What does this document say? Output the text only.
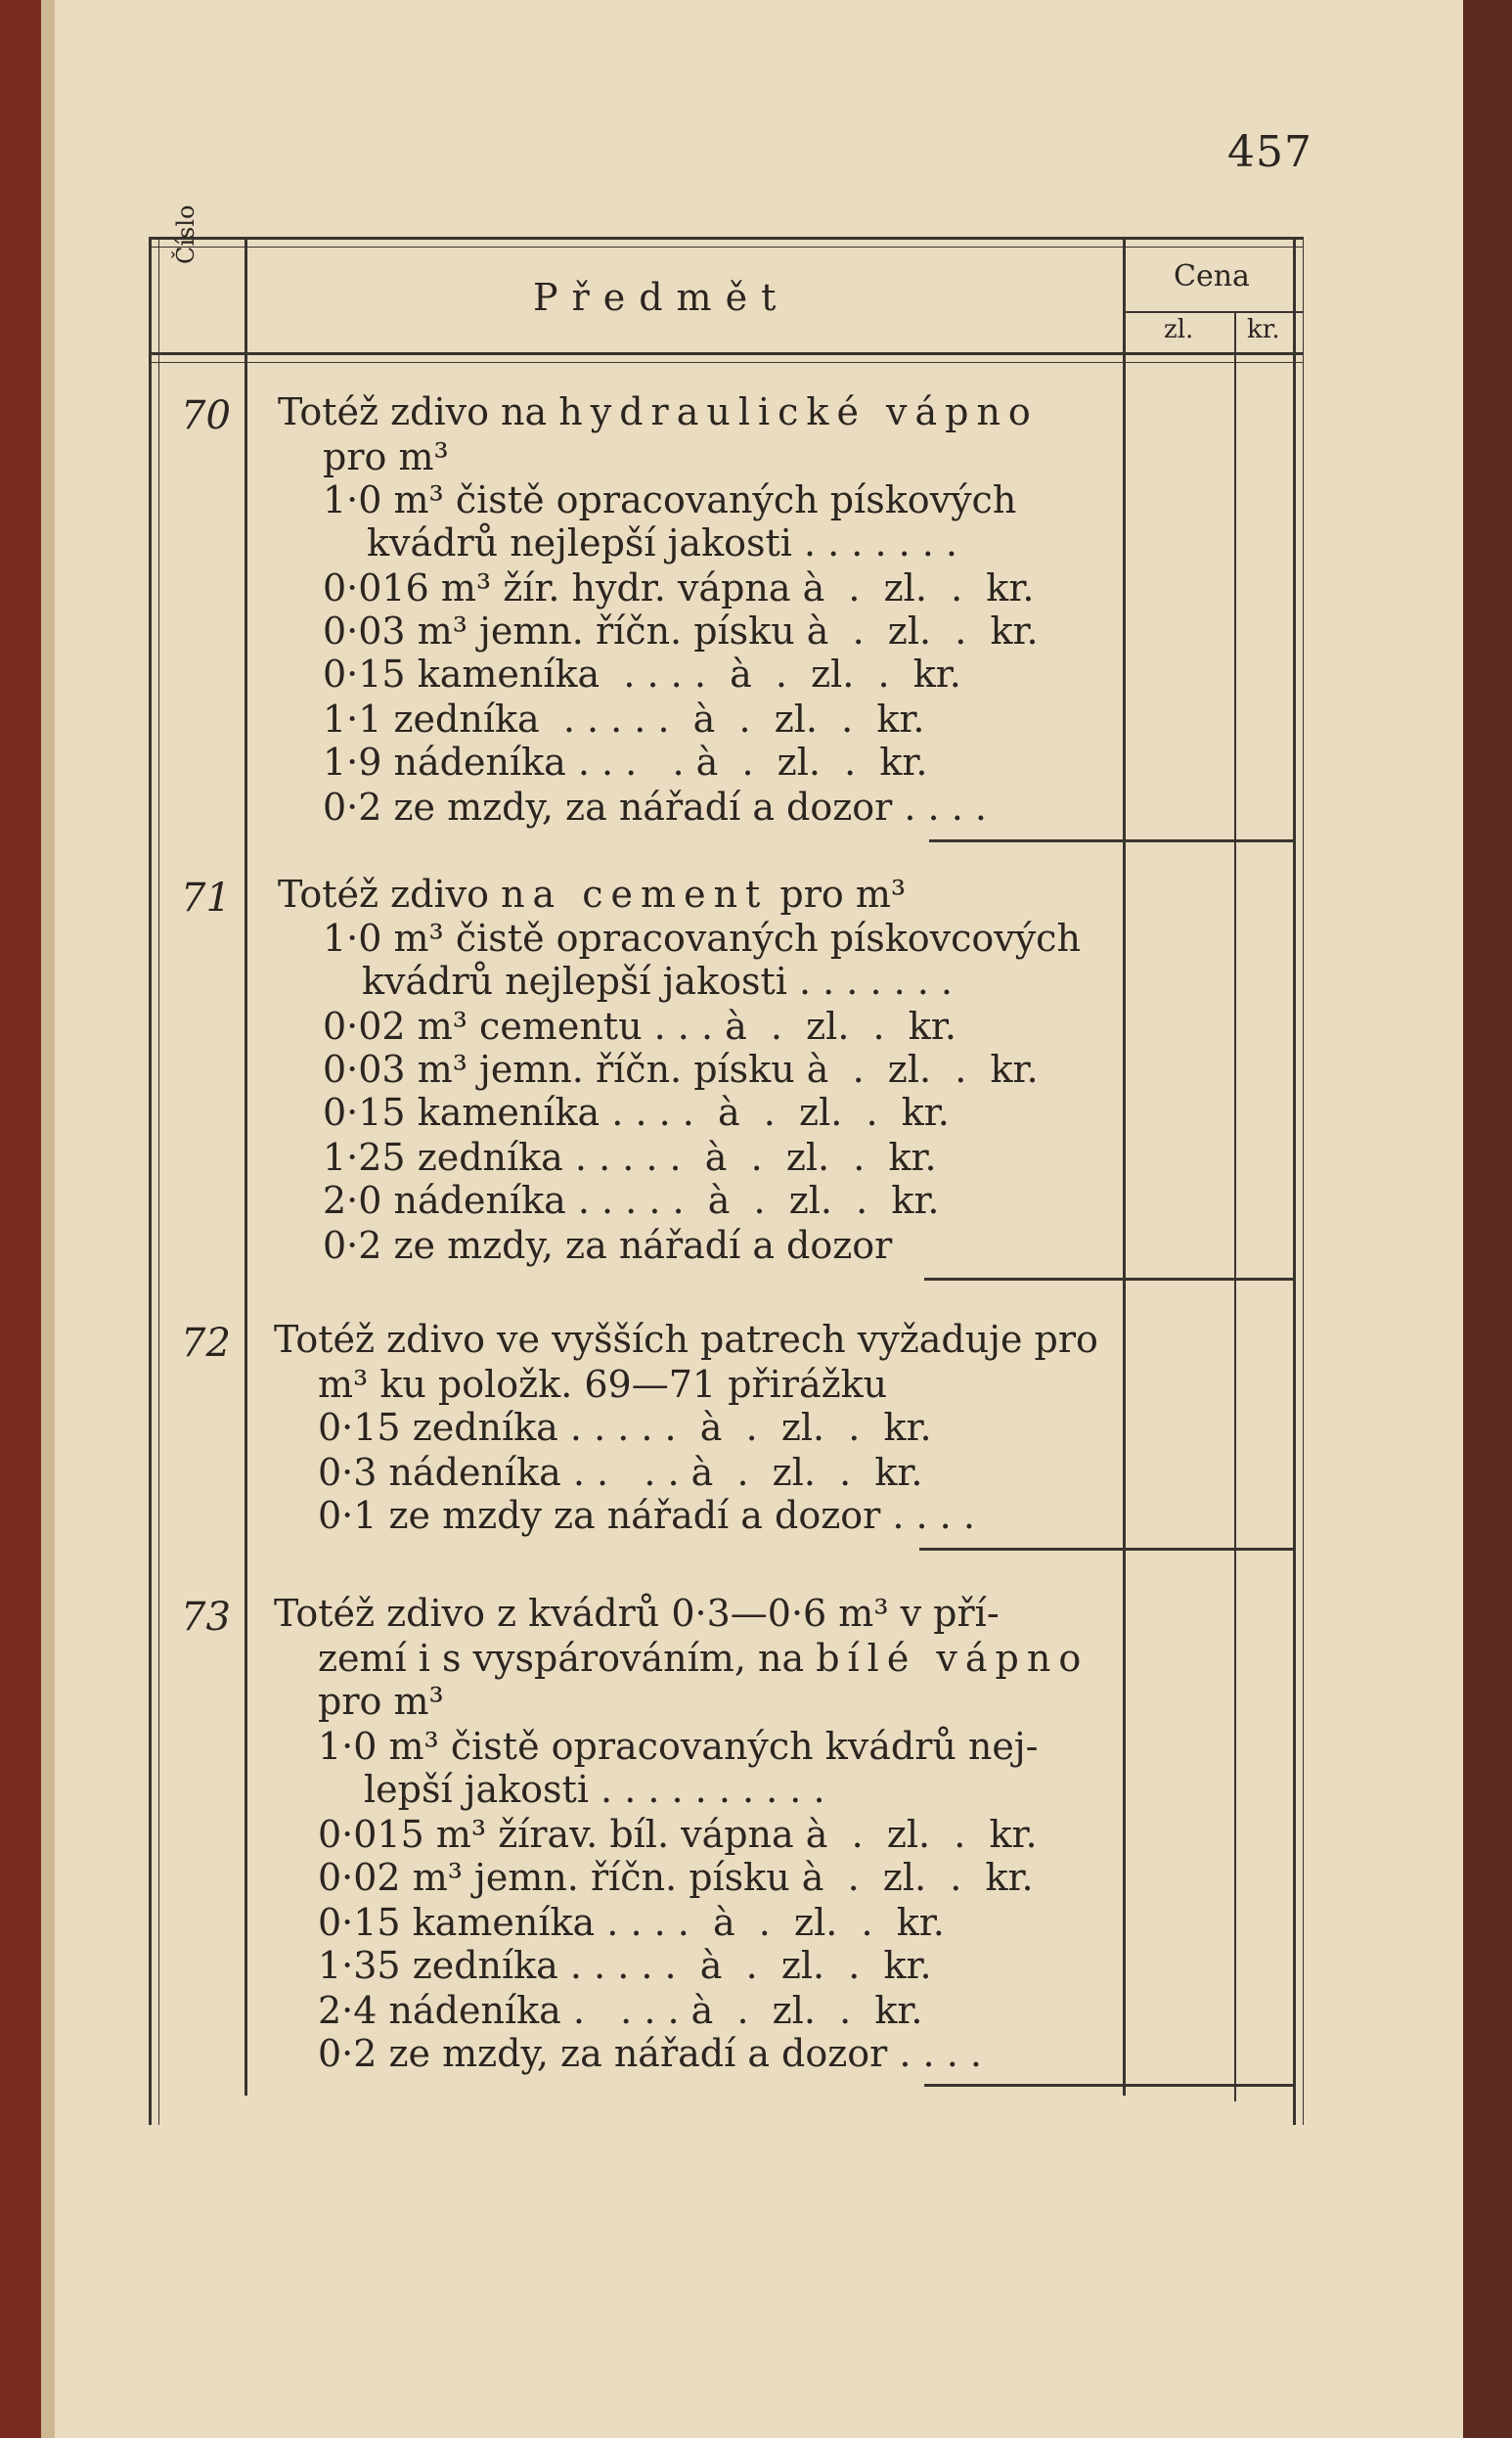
457
Číslo
Předmět	Cena
zl. kr.
70 Totéž zdivo na hydraulické vápno
pro m³
1·0 m³ čistě opracovaných pískových
kvádrů nejlepší jakosti . . . . . . .
0·016 m³ žír. hydr. vápna à  .  zl.  .  kr.
0·03 m³ jemn. říčn. písku à  .  zl.  .  kr.
0·15 kameníka  . . . .  à  .  zl.  .  kr.
1·1 zedníka  . . . . .  à  .  zl.  .  kr.
1·9 nádeníka . . .   . à  .  zl.  .  kr.
0·2 ze mzdy, za nářadí a dozor . . . .
71 Totéž zdivo na cement pro m³
1·0 m³ čistě opracovaných pískovcových
kvádrů nejlepší jakosti . . . . . . .
0·02 m³ cementu . . . à  .  zl.  .  kr.
0·03 m³ jemn. říčn. písku à  .  zl.  .  kr.
0·15 kameníka . . . .  à  .  zl.  .  kr.
1·25 zedníka . . . . .  à  .  zl.  .  kr.
2·0 nádeníka . . . . .  à  .  zl.  .  kr.
0·2 ze mzdy, za nářadí a dozor
72 Totéž zdivo ve vyšších patrech vyžaduje pro
m³ ku položk. 69—71 přirážku
0·15 zedníka . . . . .  à  .  zl.  .  kr.
0·3 nádeníka . .   . . à  .  zl.  .  kr.
0·1 ze mzdy za nářadí a dozor . . . .
73 Totéž zdivo z kvádrů 0·3—0·6 m³ v pří-
zemí i s vyspárováním, na bílé vápno
pro m³
1·0 m³ čistě opracovaných kvádrů nej-
lepší jakosti . . . . . . . . . .
0·015 m³ žírav. bíl. vápna à  .  zl.  .  kr.
0·02 m³ jemn. říčn. písku à  .  zl.  .  kr.
0·15 kameníka . . . .  à  .  zl.  .  kr.
1·35 zedníka . . . . .  à  .  zl.  .  kr.
2·4 nádeníka .   . . . à  .  zl.  .  kr.
0·2 ze mzdy, za nářadí a dozor . . . .
